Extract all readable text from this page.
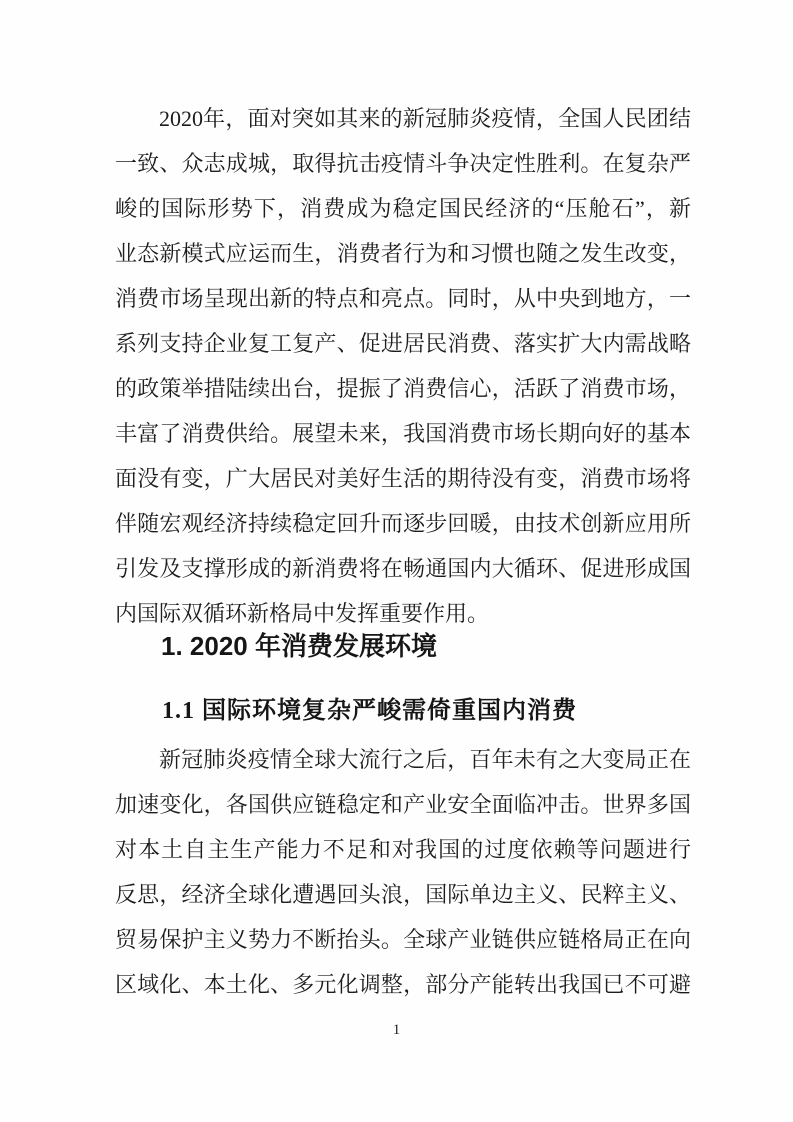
2020年，面对突如其来的新冠肺炎疫情，全国人民团结
一致、众志成城，取得抗击疫情斗争决定性胜利。在复杂严
峻的国际形势下，消费成为稳定国民经济的“压舱石”，新
业态新模式应运而生，消费者行为和习惯也随之发生改变，
消费市场呈现出新的特点和亮点。同时，从中央到地方，一
系列支持企业复工复产、促进居民消费、落实扩大内需战略
的政策举措陆续出台，提振了消费信心，活跃了消费市场，
丰富了消费供给。展望未来，我国消费市场长期向好的基本
面没有变，广大居民对美好生活的期待没有变，消费市场将
伴随宏观经济持续稳定回升而逐步回暖，由技术创新应用所
引发及支撑形成的新消费将在畅通国内大循环、促进形成国
内国际双循环新格局中发挥重要作用。
1. 2020 年消费发展环境
1.1 国际环境复杂严峻需倚重国内消费
新冠肺炎疫情全球大流行之后，百年未有之大变局正在
加速变化，各国供应链稳定和产业安全面临冲击。世界多国
对本土自主生产能力不足和对我国的过度依赖等问题进行
反思，经济全球化遭遇回头浪，国际单边主义、民粹主义、
贸易保护主义势力不断抬头。全球产业链供应链格局正在向
区域化、本土化、多元化调整，部分产能转出我国已不可避
1
